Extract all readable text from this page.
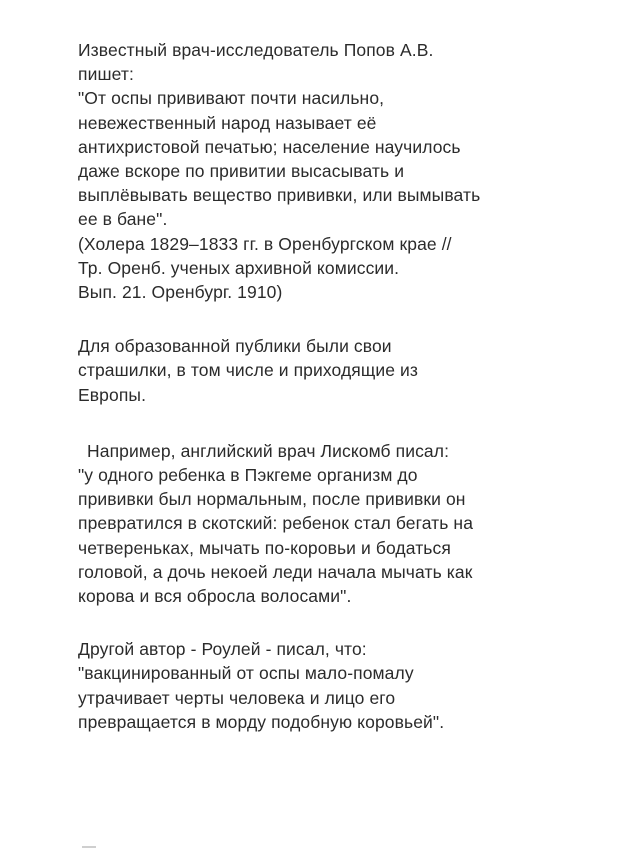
Известный врач-исследователь Попов А.В.
пишет:
"От оспы прививают почти насильно,
невежественный народ называет её
антихристовой печатью; население научилось
даже вскоре по привитии высасывать и
выплёвывать вещество прививки, или вымывать
ее в бане".
(Холера 1829–1833 гг. в Оренбургском крае //
Тр. Оренб. ученых архивной комиссии.
Вып. 21. Оренбург. 1910)
Для образованной публики были свои
страшилки, в том числе и приходящие из
Европы.
Например, английский врач Лискомб писал:
"у одного ребенка в Пэкгеме организм до
прививки был нормальным, после прививки он
превратился в скотский: ребенок стал бегать на
четвереньках, мычать по-коровьи и бодаться
головой, а дочь некоей леди начала мычать как
корова и вся обросла волосами".
Другой автор - Роулей - писал, что:
"вакцинированный от оспы мало-помалу
утрачивает черты человека и лицо его
превращается в морду подобную коровьей".
